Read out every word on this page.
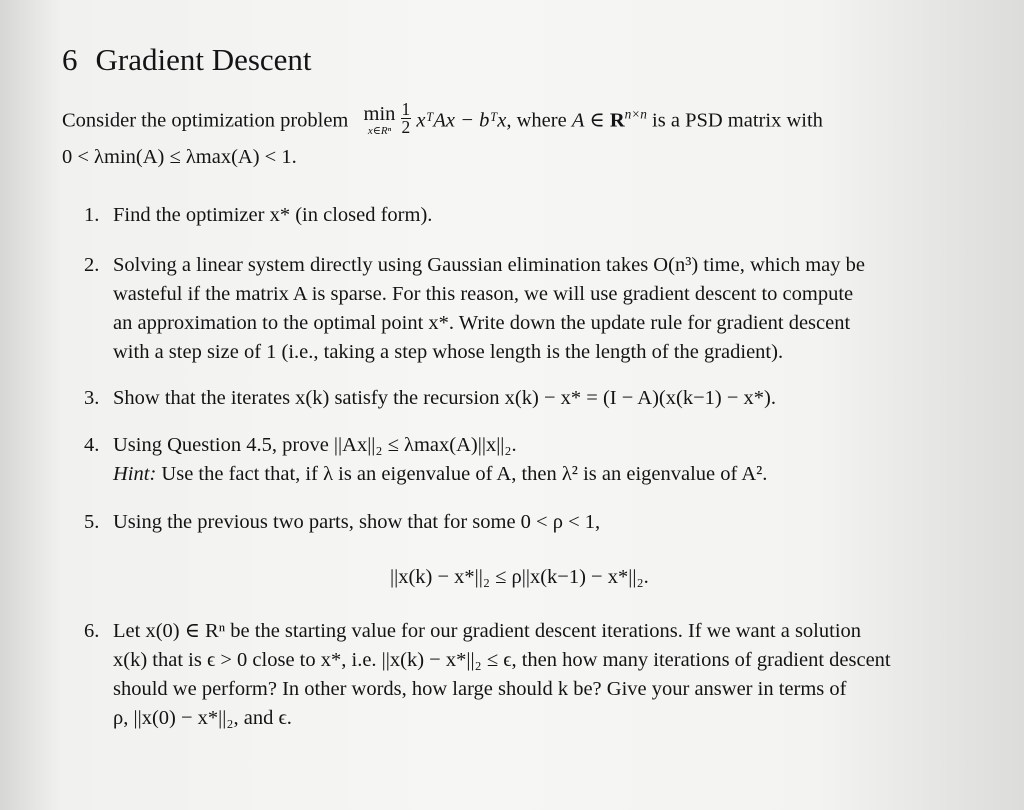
6 Gradient Descent
Consider the optimization problem min
x∈Rⁿ
$\frac{1}{2}$ xᵀAx − bᵀx, where A ∈ $R^{n\times n}$ is a PSD matrix with
0 < λmin(A) ≤ λmax(A) < 1.
1. Find the optimizer x* (in closed form).
2. Solving a linear system directly using Gaussian elimination takes O(n³) time, which may be
wasteful if the matrix A is sparse. For this reason, we will use gradient descent to compute
an approximation to the optimal point x*. Write down the update rule for gradient descent
with a step size of 1 (i.e., taking a step whose length is the length of the gradient).
3. Show that the iterates x(k) satisfy the recursion x(k) − x* = (I − A)(x(k−1) − x*).
4. Using Question 4.5, prove ||Ax||₂ ≤ λmax(A)||x||₂.
Hint: Use the fact that, if λ is an eigenvalue of A, then λ² is an eigenvalue of A².
5. Using the previous two parts, show that for some 0 < ρ < 1,
||x(k) − x*||₂ ≤ ρ||x(k−1) − x*||₂.
6. Let x(0) ∈ Rⁿ be the starting value for our gradient descent iterations. If we want a solution
x(k) that is ϵ > 0 close to x*, i.e. ||x(k) − x*||₂ ≤ ϵ, then how many iterations of gradient descent
should we perform? In other words, how large should k be? Give your answer in terms of
ρ, ||x(0) − x*||₂, and ϵ.
